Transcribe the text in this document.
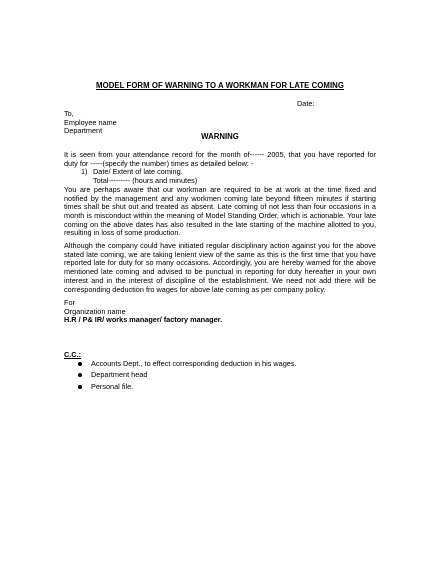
MODEL FORM OF WARNING TO A WORKMAN FOR LATE COMING
Date:
To,
Employee name
Department
WARNING
It is seen from your attendance record for the month of------ 2005, that you have reported for duty for -----(specify the number) times as detailed below: -
1) Date/ Extent of late coming.
Total--------- (hours and minutes)
You are perhaps aware that our workman are required to be at work at the time fixed and notified by the management and any workmen coming late beyond fifteen minutes if starting times shall be shut out and treated as absent. Late coming of not less than four occasions in a month is misconduct within the meaning of Model Standing Order, which is actionable. Your late coming on the above dates has also resulted in the late starting of the machine allotted to you, resulting in loss of some production.
Although the company could have initiated regular disciplinary action against you for the above stated late coming, we are taking lenient view of the same as this is the first time that you have reported late for duty for so many occasions. Accordingly, you are hereby warned for the above mentioned late coming and advised to be punctual in reporting for duty hereafter in your own interest and in the interest of discipline of the establishment. We need not add there will be corresponding deduction fro wages for above late coming as per company policy.
For
Organization name
H.R / P& IR/ works manager/ factory manager.
C.C.:
Accounts Dept., to effect corresponding deduction in his wages.
Department head
Personal file.
